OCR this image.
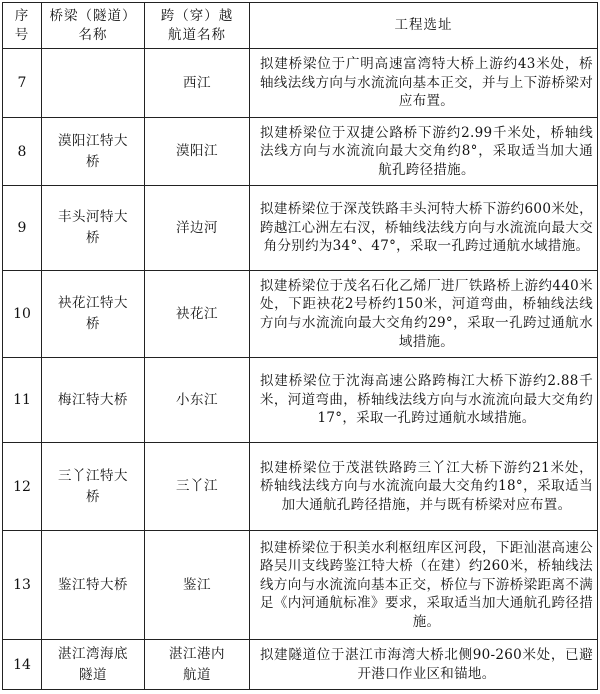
序
号	桥梁（隧道）
名称	跨（穿）越
航道名称	工程选址
7		西江	拟建桥梁位于广明高速富湾特大桥上游约43米处，桥轴线法线方向与水流流向基本正交，并与上下游桥梁对应布置。
8	漠阳江特大
桥	漠阳江	拟建桥梁位于双捷公路桥下游约2.99千米处，桥轴线法线方向与水流流向最大交角约8°，采取适当加大通航孔跨径措施。
9	丰头河特大
桥	洋边河	拟建桥梁位于深茂铁路丰头河特大桥下游约600米处，跨越江心洲左右汊，桥轴线法线方向与水流流向最大交角分别约为34°、47°，采取一孔跨过通航水域措施。
10	袂花江特大
桥	袂花江	拟建桥梁位于茂名石化乙烯厂进厂铁路桥上游约440米处，下距袂花2号桥约150米，河道弯曲，桥轴线法线方向与水流流向最大交角约29°，采取一孔跨过通航水域措施。
11	梅江特大桥	小东江	拟建桥梁位于沈海高速公路跨梅江大桥下游约2.88千米，河道弯曲，桥轴线法线方向与水流流向最大交角约17°，采取一孔跨过通航水域措施。
12	三丫江特大
桥	三丫江	拟建桥梁位于茂湛铁路跨三丫江大桥下游约21米处，桥轴线法线方向与水流流向最大交角约18°，采取适当加大通航孔跨径措施，并与既有桥梁对应布置。
13	鉴江特大桥	鉴江	拟建桥梁位于积美水利枢纽库区河段，下距汕湛高速公路吴川支线跨鉴江特大桥（在建）约260米，桥轴线法线方向与水流流向基本正交，桥位与下游桥梁距离不满足《内河通航标准》要求，采取适当加大通航孔跨径措施。
14	湛江湾海底
隧道	湛江港内
航道	拟建隧道位于湛江市海湾大桥北侧90-260米处，已避开港口作业区和锚地。
